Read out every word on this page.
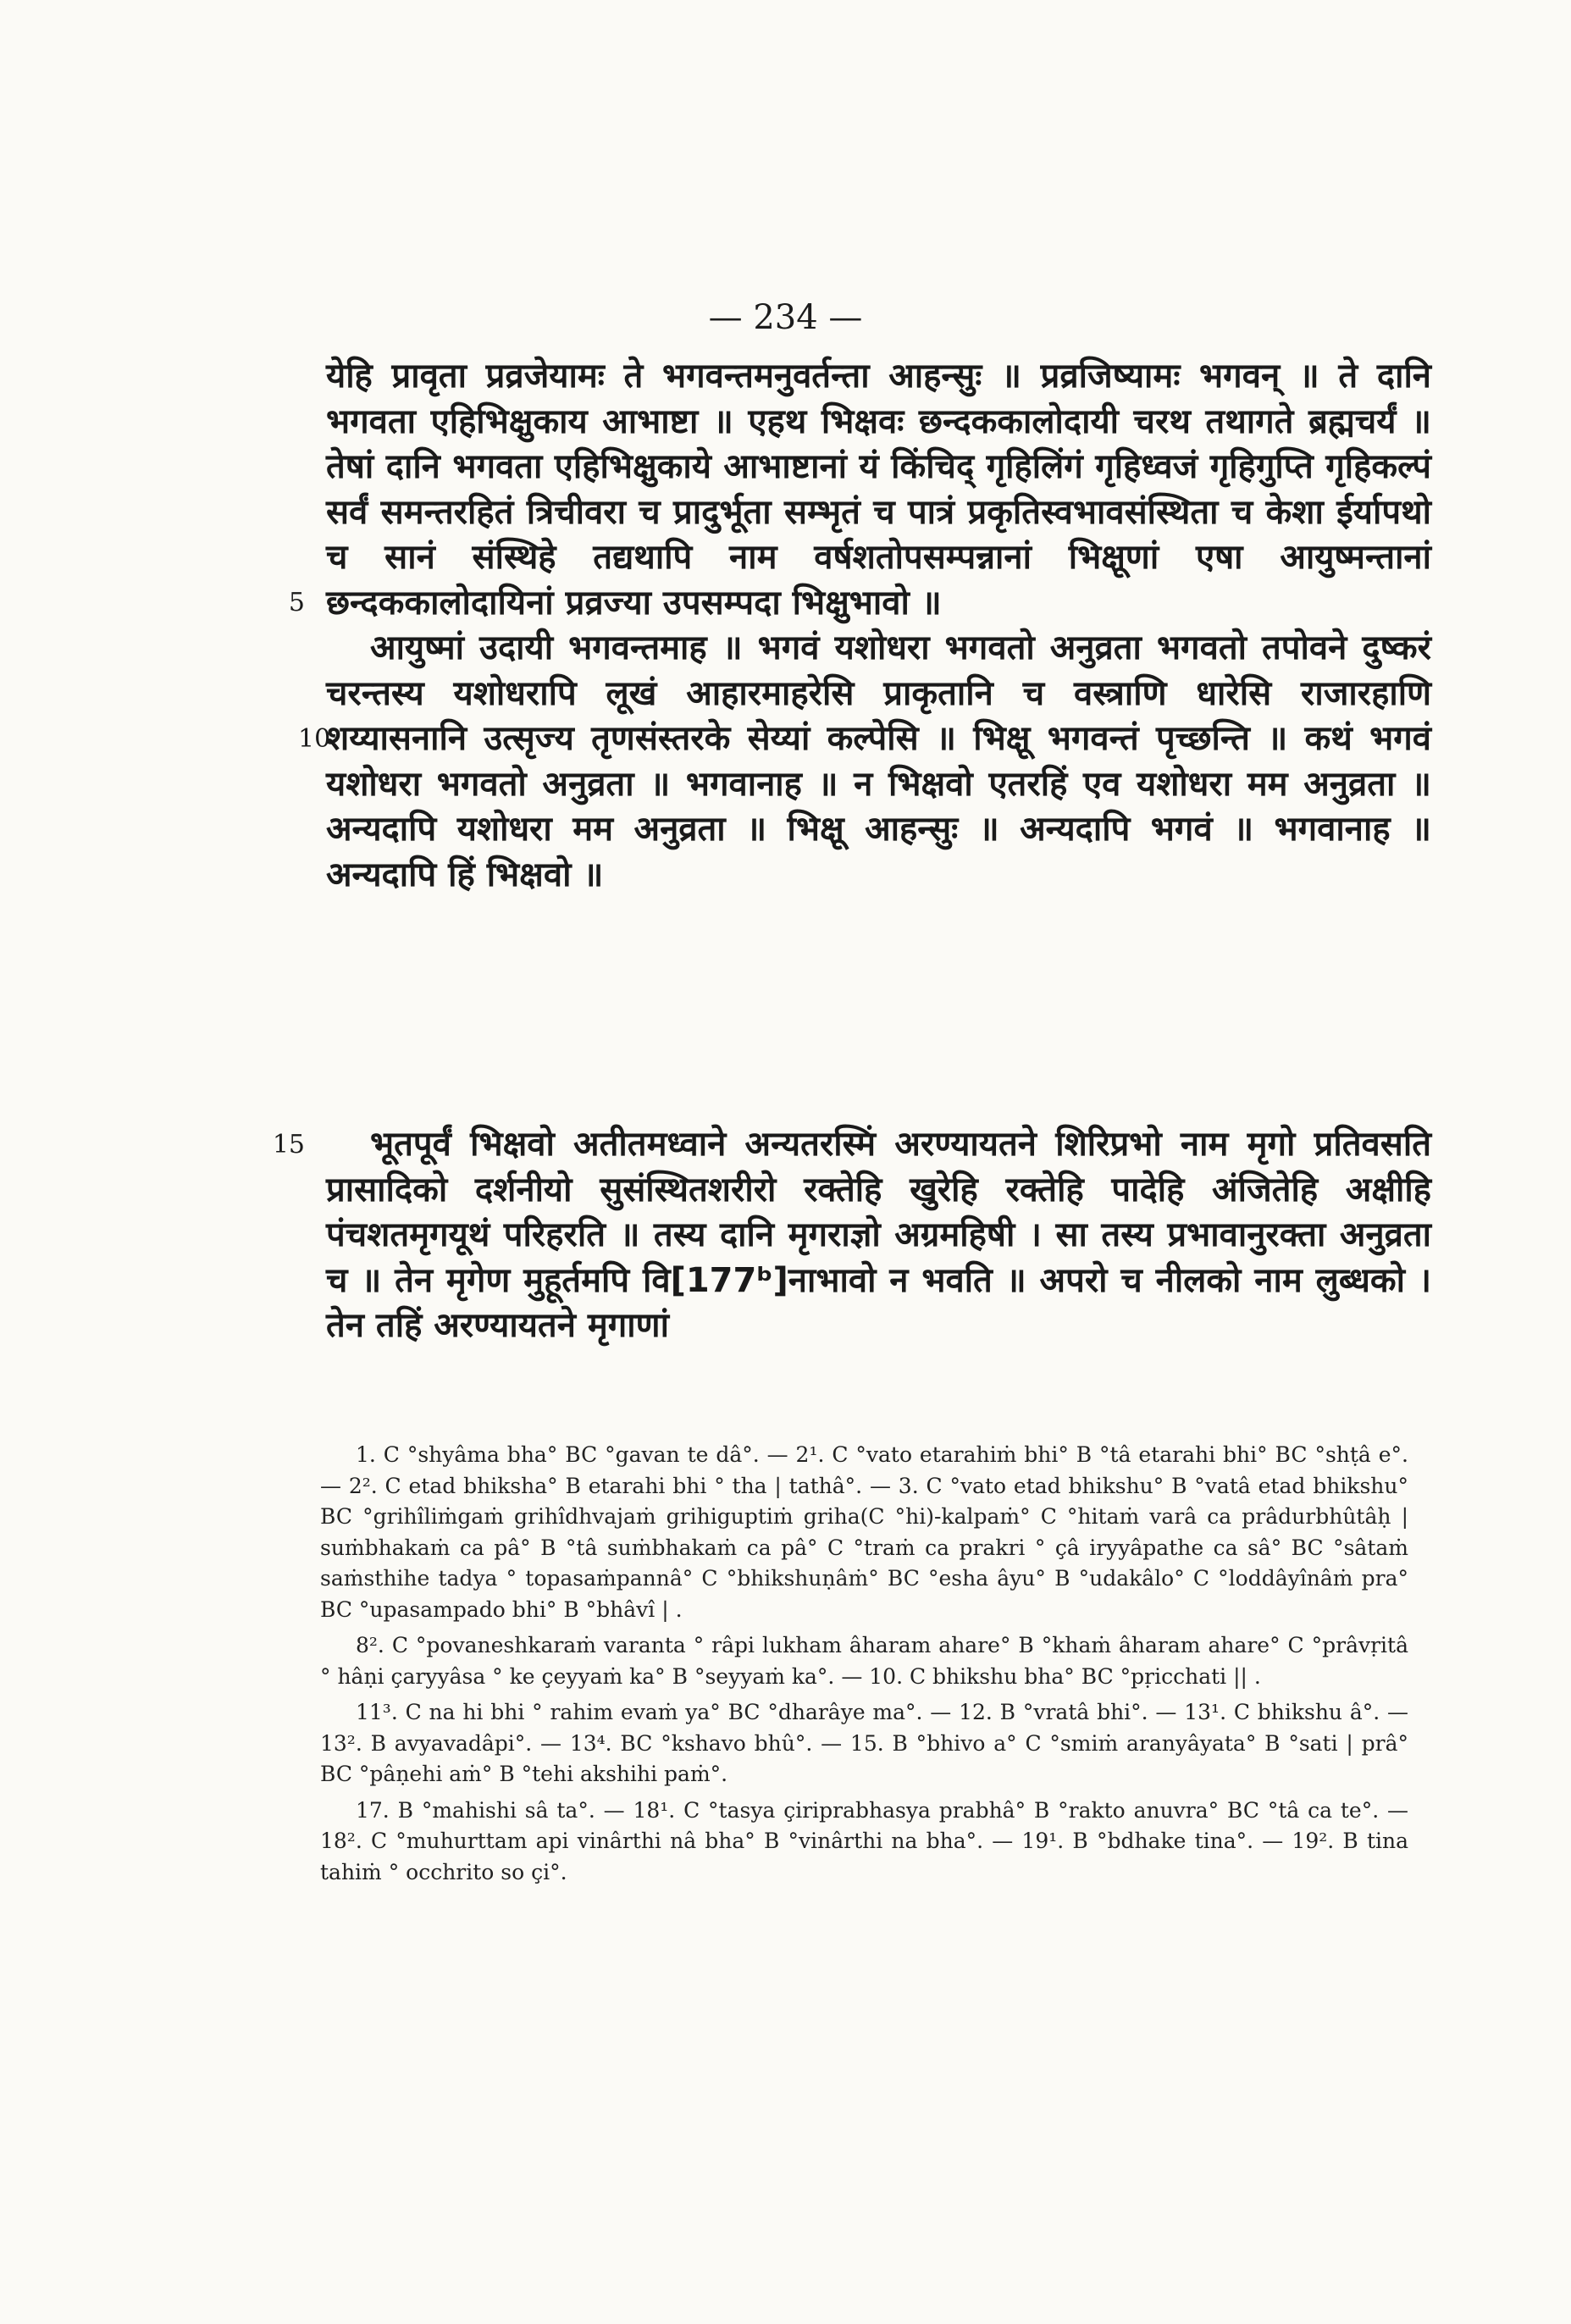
— 234 —

5
येहि प्रावृता प्रव्रजेयामः ते भगवन्तमनुवर्तन्ता आहन्सुः ॥ प्रव्रजिष्यामः भगवन् ॥ ते दानि भगवता एहिभिक्षुकाय आभाष्टा ॥ एहथ भिक्षवः छन्दककालोदायी चरथ तथागते ब्रह्मचर्यं ॥ तेषां दानि भगवता एहिभिक्षुकाये आभाष्टानां यं किंचिद् गृहिलिंगं गृहिध्वजं गृहिगुप्ति गृहिकल्पं सर्वं समन्तरहितं त्रिचीवरा च प्रादुर्भूता सम्भृतं च पात्रं प्रकृतिस्वभावसंस्थिता च केशा ईर्यापथो च सानं संस्थिहे तद्यथापि नाम वर्षशतोपसम्पन्नानां भिक्षूणां एषा आयुष्मन्तानां छन्दककालोदायिनां प्रव्रज्या उपसम्पदा भिक्षुभावो ॥

10
आयुष्मां उदायी भगवन्तमाह ॥ भगवं यशोधरा भगवतो अनुव्रता भगवतो तपोवने दुष्करं चरन्तस्य यशोधरापि लूखं आहारमाहरेसि प्राकृतानि च वस्त्राणि धारेसि राजारहाणि शय्यासनानि उत्सृज्य तृणसंस्तरके सेय्यां कल्पेसि ॥ भिक्षू भगवन्तं पृच्छन्ति ॥ कथं भगवं यशोधरा भगवतो अनुव्रता ॥ भगवानाह ॥ न भिक्षवो एतरहिं एव यशोधरा मम अनुव्रता ॥ अन्यदापि यशोधरा मम अनुव्रता ॥ भिक्षू आहन्सुः ॥ अन्यदापि भगवं ॥ भगवानाह ॥ अन्यदापि हिं भिक्षवो ॥

15 भूतपूर्वं भिक्षवो अतीतमध्वाने अन्यतरस्मिं अरण्यायतने शिरिप्रभो नाम मृगो प्रतिवसति प्रासादिको दर्शनीयो सुसंस्थितशरीरो रक्तेहि खुरेहि रक्तेहि पादेहि अंजितेहि अक्षीहि पंचशतमृगयूथं परिहरति ॥ तस्य दानि मृगराज्ञो अग्रमहिषी । सा तस्य प्रभावानुरक्ता अनुव्रता च ॥ तेन मृगेण मुहूर्तमपि वि[177ᵇ]नाभावो न भवति ॥ अपरो च नीलको नाम लुब्धको । तेन तहिं अरण्यायतने मृगाणां

1. C °shyâma bha° BC °gavan te dâ°. — 2¹. C °vato etarahiṁ bhi° B °tâ etarahi bhi° BC °shṭâ e°. — 2². C etad bhiksha° B etarahi bhi ° tha | tathâ°. — 3. C °vato etad bhikshu° B °vatâ etad bhikshu° BC °grihîliṁgaṁ grihîdhvajaṁ grihiguptiṁ griha(C °hi)-kalpaṁ° C °hitaṁ varâ ca prâdurbhûtâḥ | suṁbhakaṁ ca pâ° B °tâ suṁbhakaṁ ca pâ° C °traṁ ca prakri ° çâ iryyâpathe ca sâ° BC °sâtaṁ saṁsthihe tadya ° topasaṁpannâ° C °bhikshuṇâṁ° BC °esha âyu° B °udakâlo° C °loddâyînâṁ pra° BC °upasampado bhi° B °bhâvî | .

8². C °povaneshkaraṁ varanta ° râpi lukham âharam ahare° B °khaṁ âharam ahare° C °prâvṛitâ ° hâṇi çaryyâsa ° ke çeyyaṁ ka° B °seyyaṁ ka°. — 10. C bhikshu bha° BC °pṛicchati || .

11³. C na hi bhi ° rahim evaṁ ya° BC °dharâye ma°. — 12. B °vratâ bhi°. — 13¹. C bhikshu â°. — 13². B avyavadâpi°. — 13⁴. BC °kshavo bhû°. — 15. B °bhivo a° C °smiṁ aranyâyata° B °sati | prâ° BC °pâṇehi aṁ° B °tehi akshihi paṁ°.

17. B °mahishi sâ ta°. — 18¹. C °tasya çiriprabhasya prabhâ° B °rakto anuvra° BC °tâ ca te°. — 18². C °muhurttam api vinârthi nâ bha° B °vinârthi na bha°. — 19¹. B °bdhake tina°. — 19². B tina tahiṁ ° occhrito so çi°.
